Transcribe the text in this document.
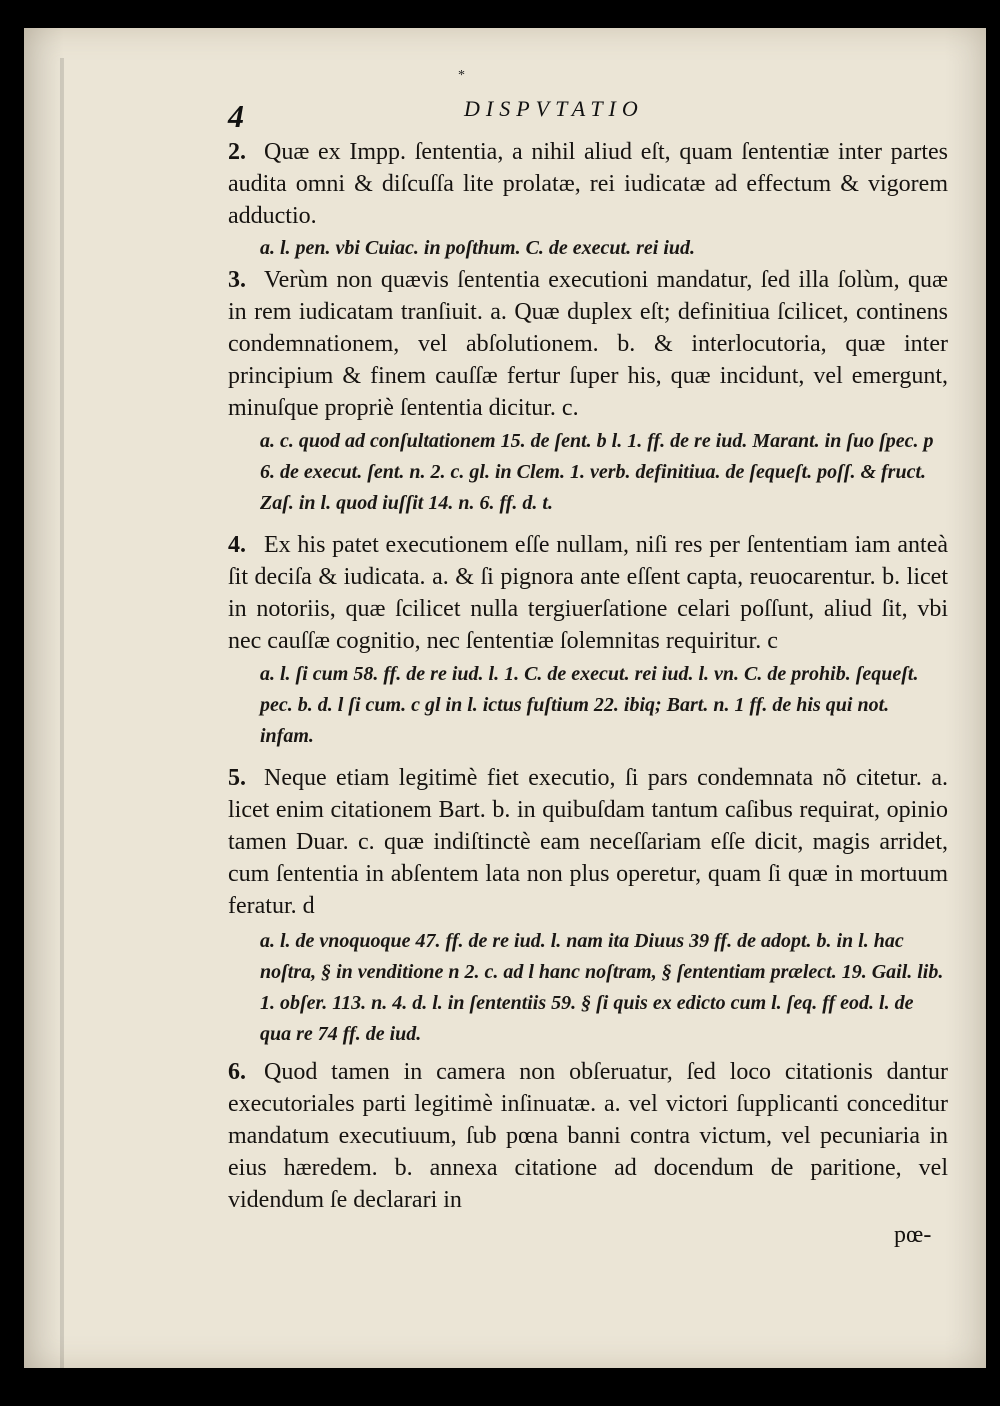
*
4	DISPVTATIO

2. Quæ ex Impp. ſententia, a nihil aliud eſt, quam ſententiæ inter partes audita omni & diſcuſſa lite prolatæ, rei iudicatæ ad effectum & vigorem adductio.

a. l. pen. vbi Cuiac. in poſthum. C. de execut. rei iud.

3. Verùm non quævis ſententia executioni mandatur, ſed illa ſolùm, quæ in rem iudicatam tranſiuit. a. Quæ duplex eſt; definitiua ſcilicet, continens condemnationem, vel abſolutionem. b. & interlocutoria, quæ inter principium & finem cauſſæ fertur ſuper his, quæ incidunt, vel emergunt, minuſque propriè ſententia dicitur. c.

a. c. quod ad conſultationem 15. de ſent. b l. 1. ff. de re iud. Marant. in ſuo ſpec. p 6. de execut. ſent. n. 2. c. gl. in Clem. 1. verb. definitiua. de ſequeſt. poſſ. & fruct. Zaſ. in l. quod iuſſit 14. n. 6. ff. d. t.

4. Ex his patet executionem eſſe nullam, niſi res per ſententiam iam anteà ſit deciſa & iudicata. a. & ſi pignora ante eſſent capta, reuocarentur. b. licet in notoriis, quæ ſcilicet nulla tergiuerſatione celari poſſunt, aliud ſit, vbi nec cauſſæ cognitio, nec ſententiæ ſolemnitas requiritur. c

a. l. ſi cum 58. ff. de re iud. l. 1. C. de execut. rei iud. l. vn. C. de prohib. ſequeſt. pec. b. d. l ſi cum. c gl in l. ictus fuſtium 22. ibiq; Bart. n. 1 ff. de his qui not. infam.

5. Neque etiam legitimè fiet executio, ſi pars condemnata nõ citetur. a. licet enim citationem Bart. b. in quibuſdam tantum caſibus requirat, opinio tamen Duar. c. quæ indiſtinctè eam neceſſariam eſſe dicit, magis arridet, cum ſententia in abſentem lata non plus operetur, quam ſi quæ in mortuum feratur. d

a. l. de vnoquoque 47. ff. de re iud. l. nam ita Diuus 39 ff. de adopt. b. in l. hac noſtra, § in venditione n 2. c. ad l hanc noſtram, § ſententiam prælect. 19. Gail. lib. 1. obſer. 113. n. 4. d. l. in ſententiis 59. § ſi quis ex edicto cum l. ſeq. ff eod. l. de qua re 74 ff. de iud.

6. Quod tamen in camera non obſeruatur, ſed loco citationis dantur executoriales parti legitimè inſinuatæ. a. vel victori ſupplicanti conceditur mandatum executiuum, ſub pœna banni contra victum, vel pecuniaria in eius hæredem. b. annexa citatione ad docendum de paritione, vel videndum ſe declarari in

pœ-
